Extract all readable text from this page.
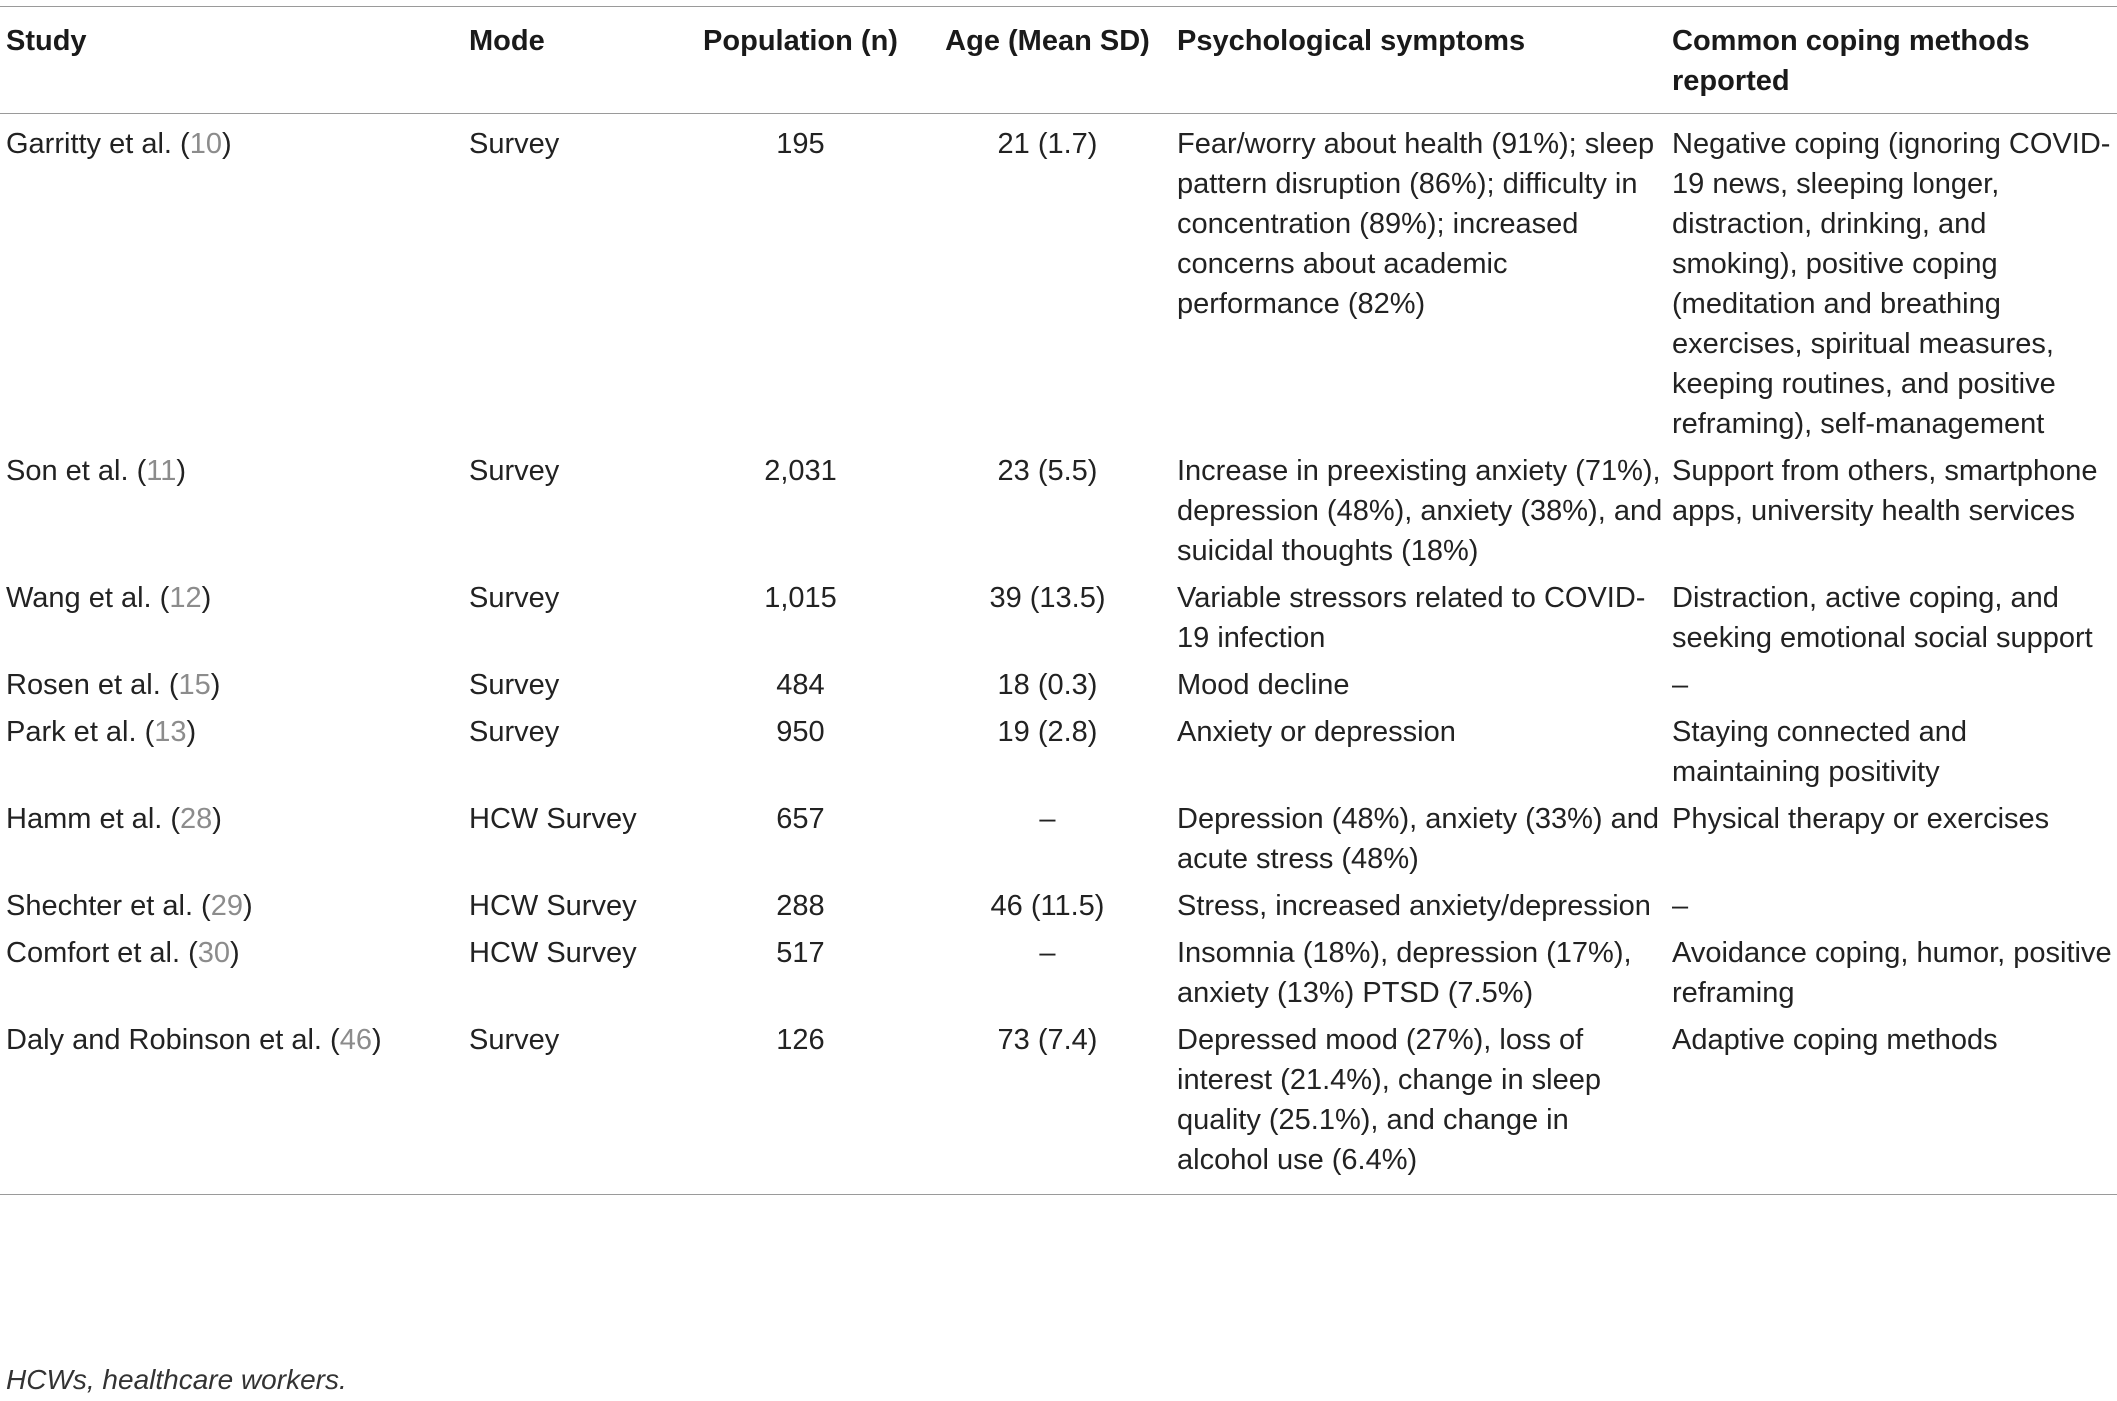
Study	Mode	Population (n)	Age (Mean SD)	Psychological symptoms	Common coping methods reported
Garritty et al. (10)	Survey	195	21 (1.7)	Fear/worry about health (91%); sleep pattern disruption (86%); difficulty in concentration (89%); increased concerns about academic performance (82%)	Negative coping (ignoring COVID-19 news, sleeping longer, distraction, drinking, and smoking), positive coping (meditation and breathing exercises, spiritual measures, keeping routines, and positive reframing), self-management
Son et al. (11)	Survey	2,031	23 (5.5)	Increase in preexisting anxiety (71%), depression (48%), anxiety (38%), and suicidal thoughts (18%)	Support from others, smartphone apps, university health services
Wang et al. (12)	Survey	1,015	39 (13.5)	Variable stressors related to COVID-19 infection	Distraction, active coping, and seeking emotional social support
Rosen et al. (15)	Survey	484	18 (0.3)	Mood decline	–
Park et al. (13)	Survey	950	19 (2.8)	Anxiety or depression	Staying connected and maintaining positivity
Hamm et al. (28)	HCW Survey	657	–	Depression (48%), anxiety (33%) and acute stress (48%)	Physical therapy or exercises
Shechter et al. (29)	HCW Survey	288	46 (11.5)	Stress, increased anxiety/depression	–
Comfort et al. (30)	HCW Survey	517	–	Insomnia (18%), depression (17%), anxiety (13%) PTSD (7.5%)	Avoidance coping, humor, positive reframing
Daly and Robinson et al. (46)	Survey	126	73 (7.4)	Depressed mood (27%), loss of interest (21.4%), change in sleep quality (25.1%), and change in alcohol use (6.4%)	Adaptive coping methods
HCWs, healthcare workers.
